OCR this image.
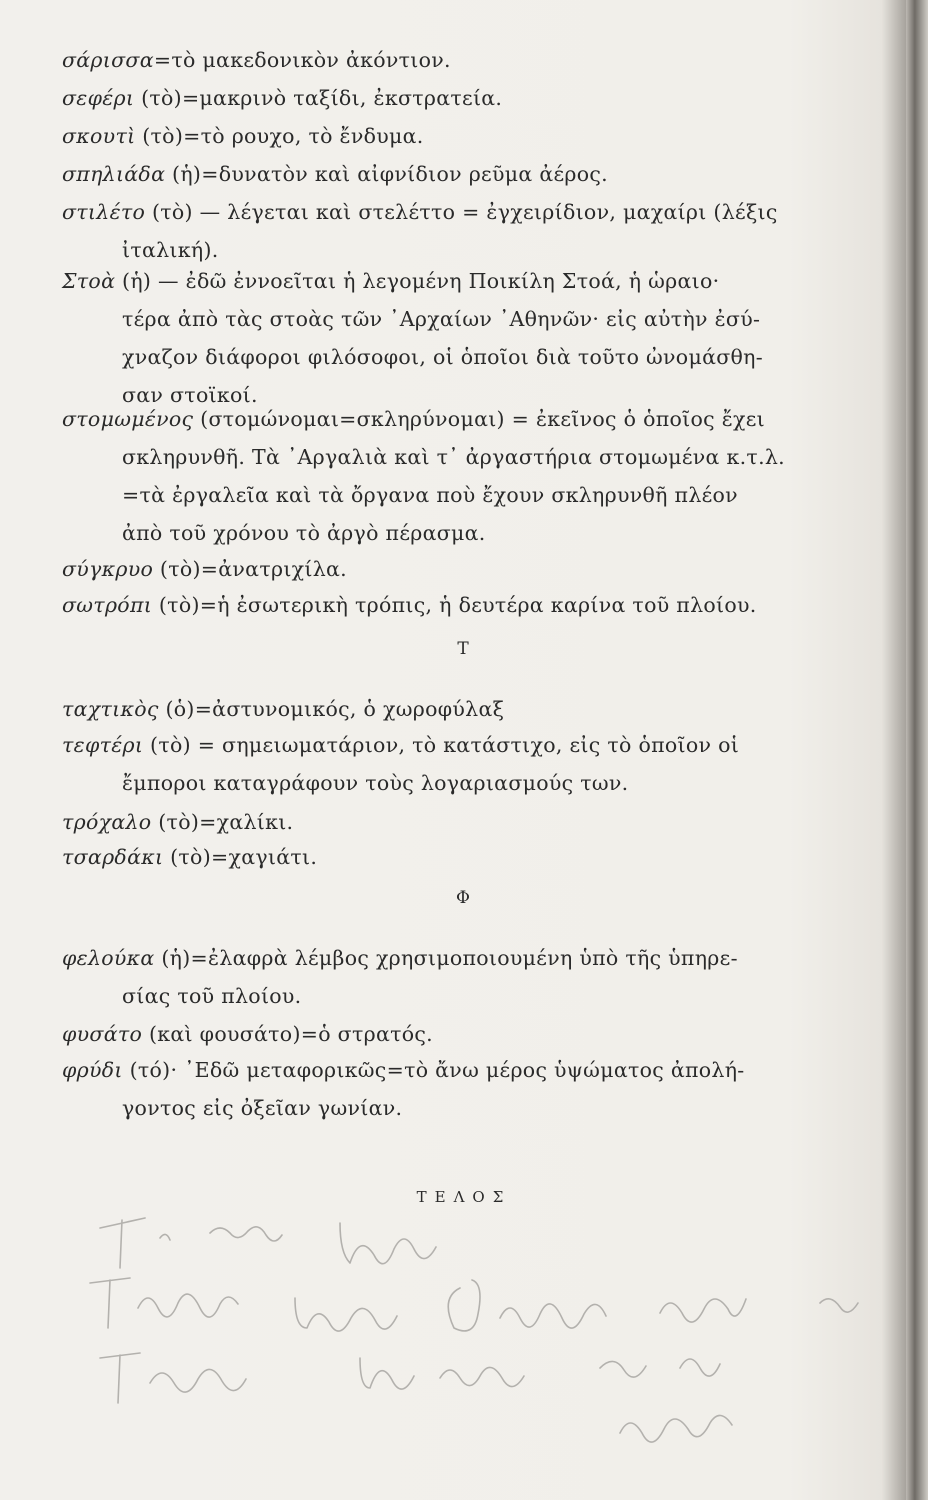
σάρισσα=τὸ μακεδονικὸν ἀκόντιον.
σεφέρι (τὸ)=μακρινὸ ταξίδι, ἐκστρατεία.
σκουτὶ (τὸ)=τὸ ρουχο, τὸ ἔνδυμα.
σπηλιάδα (ἡ)=δυνατὸν καὶ αἰφνίδιον ρεῦμα ἀέρος.
στιλέτο (τὸ) — λέγεται καὶ στελέττο = ἐγχειρίδιον, μαχαίρι (λέξις
ἰταλική).
Στοὰ (ἡ) — ἐδῶ ἐννοεῖται ἡ λεγομένη Ποικίλη Στοά, ἡ ὡραιο·
τέρα ἀπὸ τὰς στοὰς τῶν ᾿Αρχαίων ᾿Αθηνῶν· εἰς αὐτὴν ἐσύ-
χναζον διάφοροι φιλόσοφοι, οἱ ὁποῖοι διὰ τοῦτο ὠνομάσθη-
σαν στοϊκοί.
στομωμένος (στομώνομαι=σκληρύνομαι) = ἐκεῖνος ὁ ὁποῖος ἔχει
σκληρυνθῆ. Τὰ ᾿Αργαλιὰ καὶ τ᾿ ἀργαστήρια στομωμένα κ.τ.λ.
=τὰ ἐργαλεῖα καὶ τὰ ὄργανα ποὺ ἔχουν σκληρυνθῆ πλέον
ἀπὸ τοῦ χρόνου τὸ ἀργὸ πέρασμα.
σύγκρυο (τὸ)=ἀνατριχίλα.
σωτρόπι (τὸ)=ἡ ἐσωτερικὴ τρόπις, ἡ δευτέρα καρίνα τοῦ πλοίου.
Τ
ταχτικὸς (ὁ)=ἀστυνομικός, ὁ χωροφύλαξ
τεφτέρι (τὸ) = σημειωματάριον, τὸ κατάστιχο, εἰς τὸ ὁποῖον οἱ
ἔμποροι καταγράφουν τοὺς λογαριασμούς των.
τρόχαλο (τὸ)=χαλίκι.
τσαρδάκι (τὸ)=χαγιάτι.
Φ
φελούκα (ἡ)=ἐλαφρὰ λέμβος χρησιμοποιουμένη ὑπὸ τῆς ὑπηρε-
σίας τοῦ πλοίου.
φυσάτο (καὶ φουσάτο)=ὁ στρατός.
φρύδι (τό)· ᾿Εδῶ μεταφορικῶς=τὸ ἄνω μέρος ὑψώματος ἀπολή-
γοντος εἰς ὀξεῖαν γωνίαν.
ΤΕΛΟΣ
